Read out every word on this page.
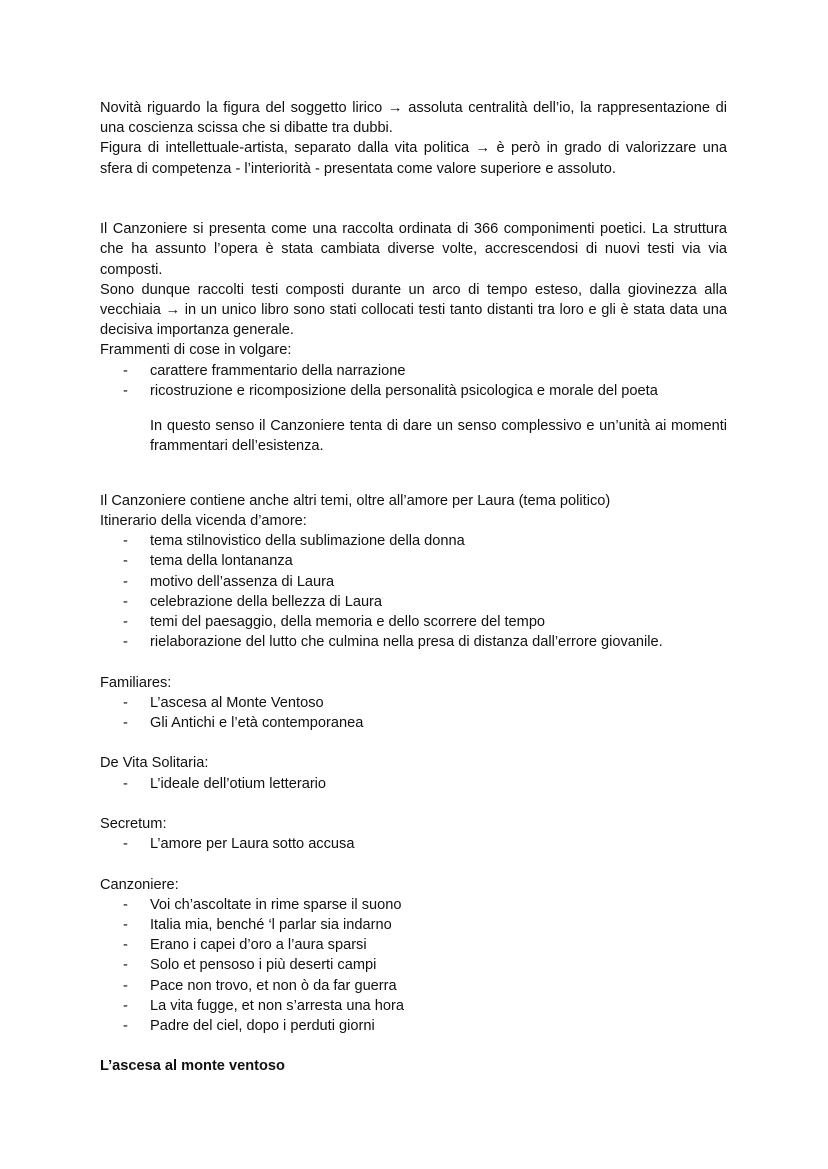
Novità riguardo la figura del soggetto lirico → assoluta centralità dell’io, la rappresentazione di una coscienza scissa che si dibatte tra dubbi.

Figura di intellettuale-artista, separato dalla vita politica → è però in grado di valorizzare una sfera di competenza - l’interiorità - presentata come valore superiore e assoluto.

Il Canzoniere si presenta come una raccolta ordinata di 366 componimenti poetici. La struttura che ha assunto l’opera è stata cambiata diverse volte, accrescendosi di nuovi testi via via composti.

Sono dunque raccolti testi composti durante un arco di tempo esteso, dalla giovinezza alla vecchiaia → in un unico libro sono stati collocati testi tanto distanti tra loro e gli è stata data una decisiva importanza generale.

Frammenti di cose in volgare:

- carattere frammentario della narrazione
- ricostruzione e ricomposizione della personalità psicologica e morale del poeta

In questo senso il Canzoniere tenta di dare un senso complessivo e un’unità ai momenti frammentari dell’esistenza.

Il Canzoniere contiene anche altri temi, oltre all’amore per Laura (tema politico)

Itinerario della vicenda d’amore:

- tema stilnovistico della sublimazione della donna
- tema della lontananza
- motivo dell’assenza di Laura
- celebrazione della bellezza di Laura
- temi del paesaggio, della memoria e dello scorrere del tempo
- rielaborazione del lutto che culmina nella presa di distanza dall’errore giovanile.

Familiares:

- L’ascesa al Monte Ventoso
- Gli Antichi e l’età contemporanea

De Vita Solitaria:

- L’ideale dell’otium letterario

Secretum:

- L’amore per Laura sotto accusa

Canzoniere:

- Voi ch’ascoltate in rime sparse il suono
- Italia mia, benché ‘l parlar sia indarno
- Erano i capei d’oro a l’aura sparsi
- Solo et pensoso i più deserti campi
- Pace non trovo, et non ò da far guerra
- La vita fugge, et non s’arresta una hora
- Padre del ciel, dopo i perduti giorni

L’ascesa al monte ventoso
